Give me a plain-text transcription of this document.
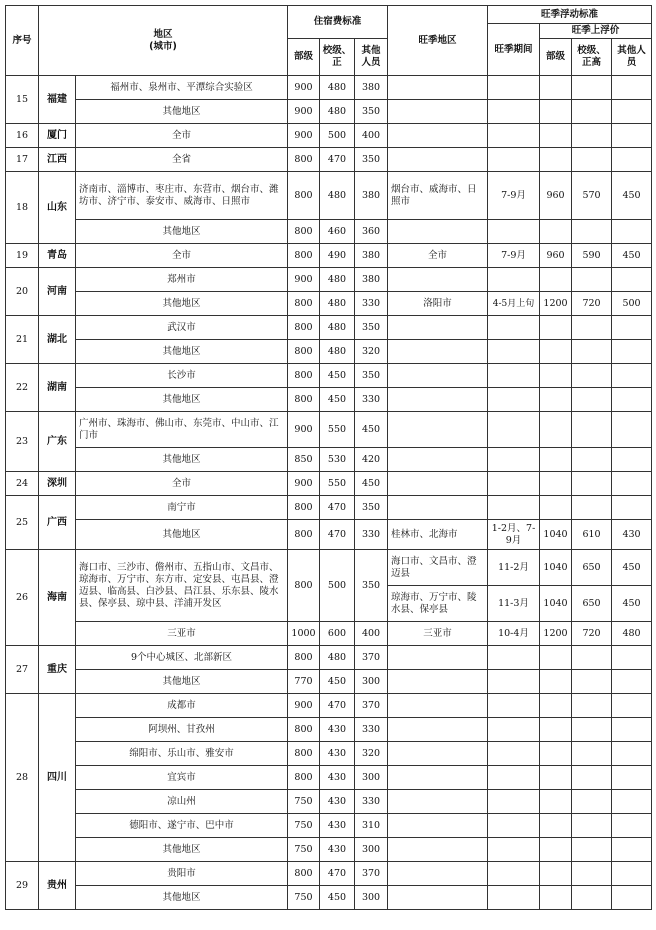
序号	地区
(城市)		住宿费标准			旺季地区	旺季浮动标准			
							旺季期间	旺季上浮价		
			部级	校级、正	其他人员			部级	校级、正高	其他人员
15	福建	福州市、泉州市、平潭综合实验区	900	480	380					
		其他地区	900	480	350					
16	厦门	全市	900	500	400					
17	江西	全省	800	470	350					
18	山东	济南市、淄博市、枣庄市、东营市、烟台市、潍坊市、济宁市、泰安市、威海市、日照市	800	480	380	烟台市、威海市、日照市	7-9月	960	570	450
		其他地区	800	460	360					
19	青岛	全市	800	490	380	全市	7-9月	960	590	450
20	河南	郑州市	900	480	380					
		其他地区	800	480	330	洛阳市	4-5月上旬	1200	720	500
21	湖北	武汉市	800	480	350					
		其他地区	800	480	320					
22	湖南	长沙市	800	450	350					
		其他地区	800	450	330					
23	广东	广州市、珠海市、佛山市、东莞市、中山市、江门市	900	550	450					
		其他地区	850	530	420					
24	深圳	全市	900	550	450					
25	广西	南宁市	800	470	350					
		其他地区	800	470	330	桂林市、北海市	1-2月、7-9月	1040	610	430
26	海南	海口市、三沙市、儋州市、五指山市、文昌市、琼海市、万宁市、东方市、定安县、屯昌县、澄迈县、临高县、白沙县、昌江县、乐东县、陵水县、保亭县、琼中县、洋浦开发区	800	500	350	海口市、文昌市、澄迈县	11-2月	1040	650	450
						琼海市、万宁市、陵水县、保亭县	11-3月	1040	650	450
		三亚市	1000	600	400	三亚市	10-4月	1200	720	480
27	重庆	9个中心城区、北部新区	800	480	370					
		其他地区	770	450	300					
28	四川	成都市	900	470	370					
		阿坝州、甘孜州	800	430	330					
		绵阳市、乐山市、雅安市	800	430	320					
		宜宾市	800	430	300					
		凉山州	750	430	330					
		德阳市、遂宁市、巴中市	750	430	310					
		其他地区	750	430	300					
29	贵州	贵阳市	800	470	370					
		其他地区	750	450	300					
